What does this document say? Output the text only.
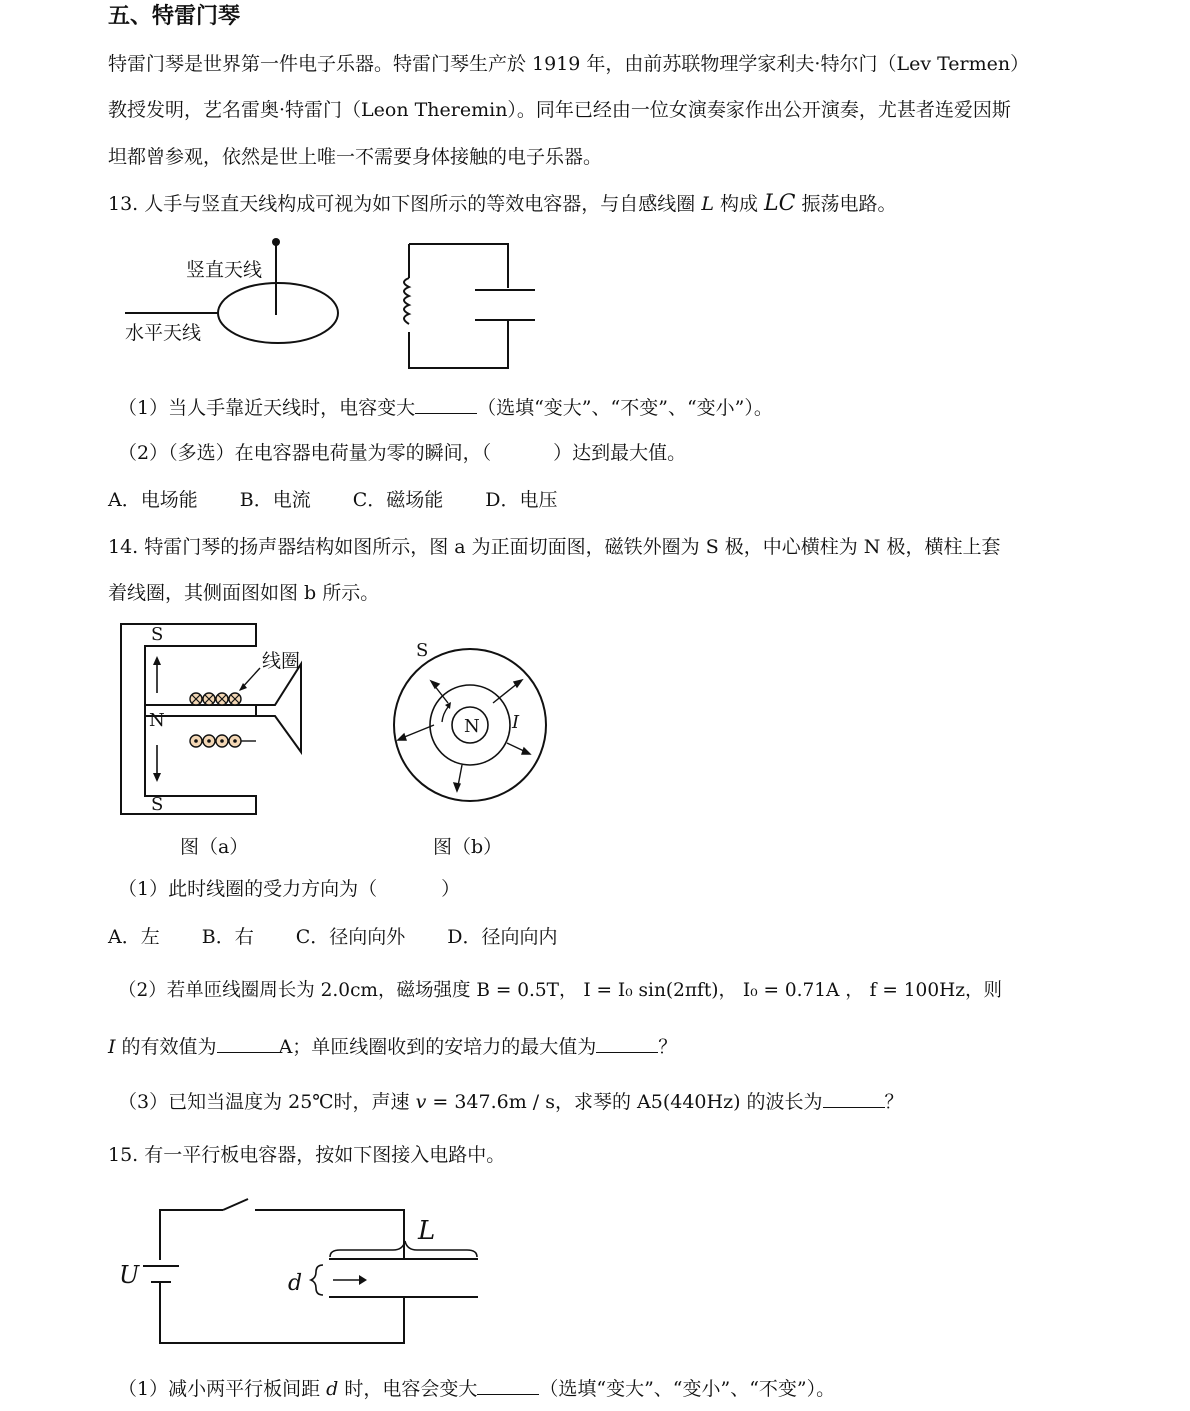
五、特雷门琴
特雷门琴是世界第一件电子乐器。特雷门琴生产於 1919 年，由前苏联物理学家利夫·特尔门（Lev Termen）
教授发明，艺名雷奥·特雷门（Leon Theremin）。同年已经由一位女演奏家作出公开演奏，尤甚者连爱因斯
坦都曾参观，依然是世上唯一不需要身体接触的电子乐器。
13. 人手与竖直天线构成可视为如下图所示的等效电容器，与自感线圈 L 构成 LC 振荡电路。
竖直天线
水平天线
（1）当人手靠近天线时，电容变大	（选填“变大”、“不变”、“变小”）。
（2）（多选）在电容器电荷量为零的瞬间，（	）达到最大值。
A．电场能 B．电流 C．磁场能 D．电压
14. 特雷门琴的扬声器结构如图所示，图 a 为正面切面图，磁铁外圈为 S 极，中心横柱为 N 极，横柱上套
着线圈，其侧面图如图 b 所示。
S
N
S
线圈	S
N I
图（a）	图（b）
（1）此时线圈的受力方向为（	）
A．左 B．右 C．径向向外 D．径向向内
（2）若单匝线圈周长为 2.0cm，磁场强度 B = 0.5T， I = I₀ sin(2πft)， I₀ = 0.71A ， f = 100Hz，则
I 的有效值为	A；单匝线圈收到的安培力的最大值为	？
（3）已知当温度为 25℃时，声速 v = 347.6m / s，求琴的 A5(440Hz) 的波长为	？
15. 有一平行板电容器，按如下图接入电路中。
U	d
L
（1）减小两平行板间距 d 时，电容会变大	（选填“变大”、“变小”、“不变”）。
